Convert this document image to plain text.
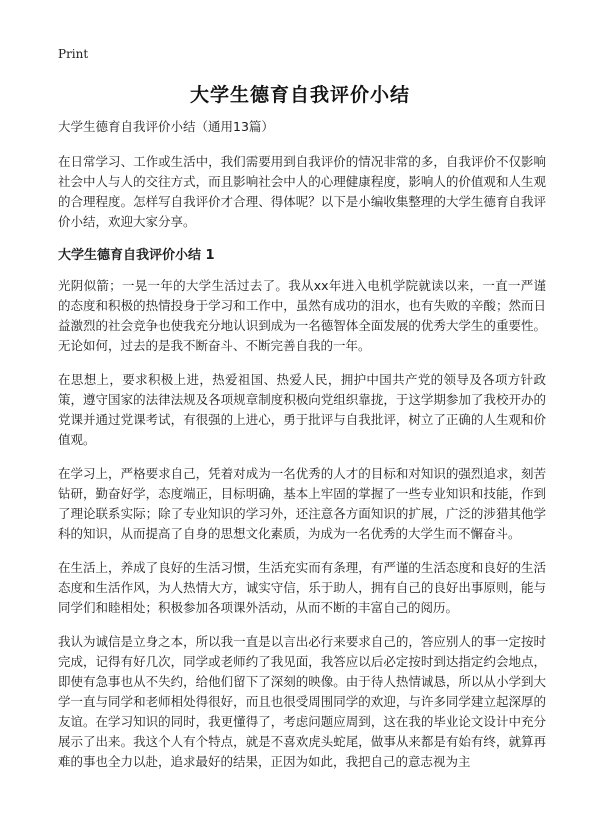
Print
大学生德育自我评价小结
大学生德育自我评价小结（通用13篇）

在日常学习、工作或生活中，我们需要用到自我评价的情况非常的多，自我评价不仅影响社会中人与人的交往方式，而且影响社会中人的心理健康程度，影响人的价值观和人生观的合理程度。怎样写自我评价才合理、得体呢？以下是小编收集整理的大学生德育自我评价小结，欢迎大家分享。

大学生德育自我评价小结 1

光阴似箭；一晃一年的大学生活过去了。我从xx年进入电机学院就读以来，一直一严谨的态度和积极的热情投身于学习和工作中，虽然有成功的泪水，也有失败的辛酸；然而日益激烈的社会竞争也使我充分地认识到成为一名德智体全面发展的优秀大学生的重要性。无论如何，过去的是我不断奋斗、不断完善自我的一年。

在思想上，要求积极上进，热爱祖国、热爱人民，拥护中国共产党的领导及各项方针政策，遵守国家的法律法规及各项规章制度积极向党组织靠拢，于这学期参加了我校开办的党课并通过党课考试，有很强的上进心，勇于批评与自我批评，树立了正确的人生观和价值观。

在学习上，严格要求自己，凭着对成为一名优秀的人才的目标和对知识的强烈追求，刻苦钻研，勤奋好学，态度端正，目标明确，基本上牢固的掌握了一些专业知识和技能，作到了理论联系实际；除了专业知识的学习外，还注意各方面知识的扩展，广泛的涉猎其他学科的知识，从而提高了自身的思想文化素质，为成为一名优秀的大学生而不懈奋斗。

在生活上，养成了良好的生活习惯，生活充实而有条理，有严谨的生活态度和良好的生活态度和生活作风，为人热情大方，诚实守信，乐于助人，拥有自己的良好出事原则，能与同学们和睦相处；积极参加各项课外活动，从而不断的丰富自己的阅历。

我认为诚信是立身之本，所以我一直是以言出必行来要求自己的，答应别人的事一定按时完成，记得有好几次，同学或老师约了我见面，我答应以后必定按时到达指定约会地点，即使有急事也从不失约，给他们留下了深刻的映像。由于待人热情诚恳，所以从小学到大学一直与同学和老师相处得很好，而且也很受周围同学的欢迎，与许多同学建立起深厚的友谊。在学习知识的同时，我更懂得了，考虑问题应周到，这在我的毕业论文设计中充分展示了出来。我这个人有个特点，就是不喜欢虎头蛇尾，做事从来都是有始有终，就算再难的事也全力以赴，追求最好的结果，正因为如此，我把自己的意志视为主
